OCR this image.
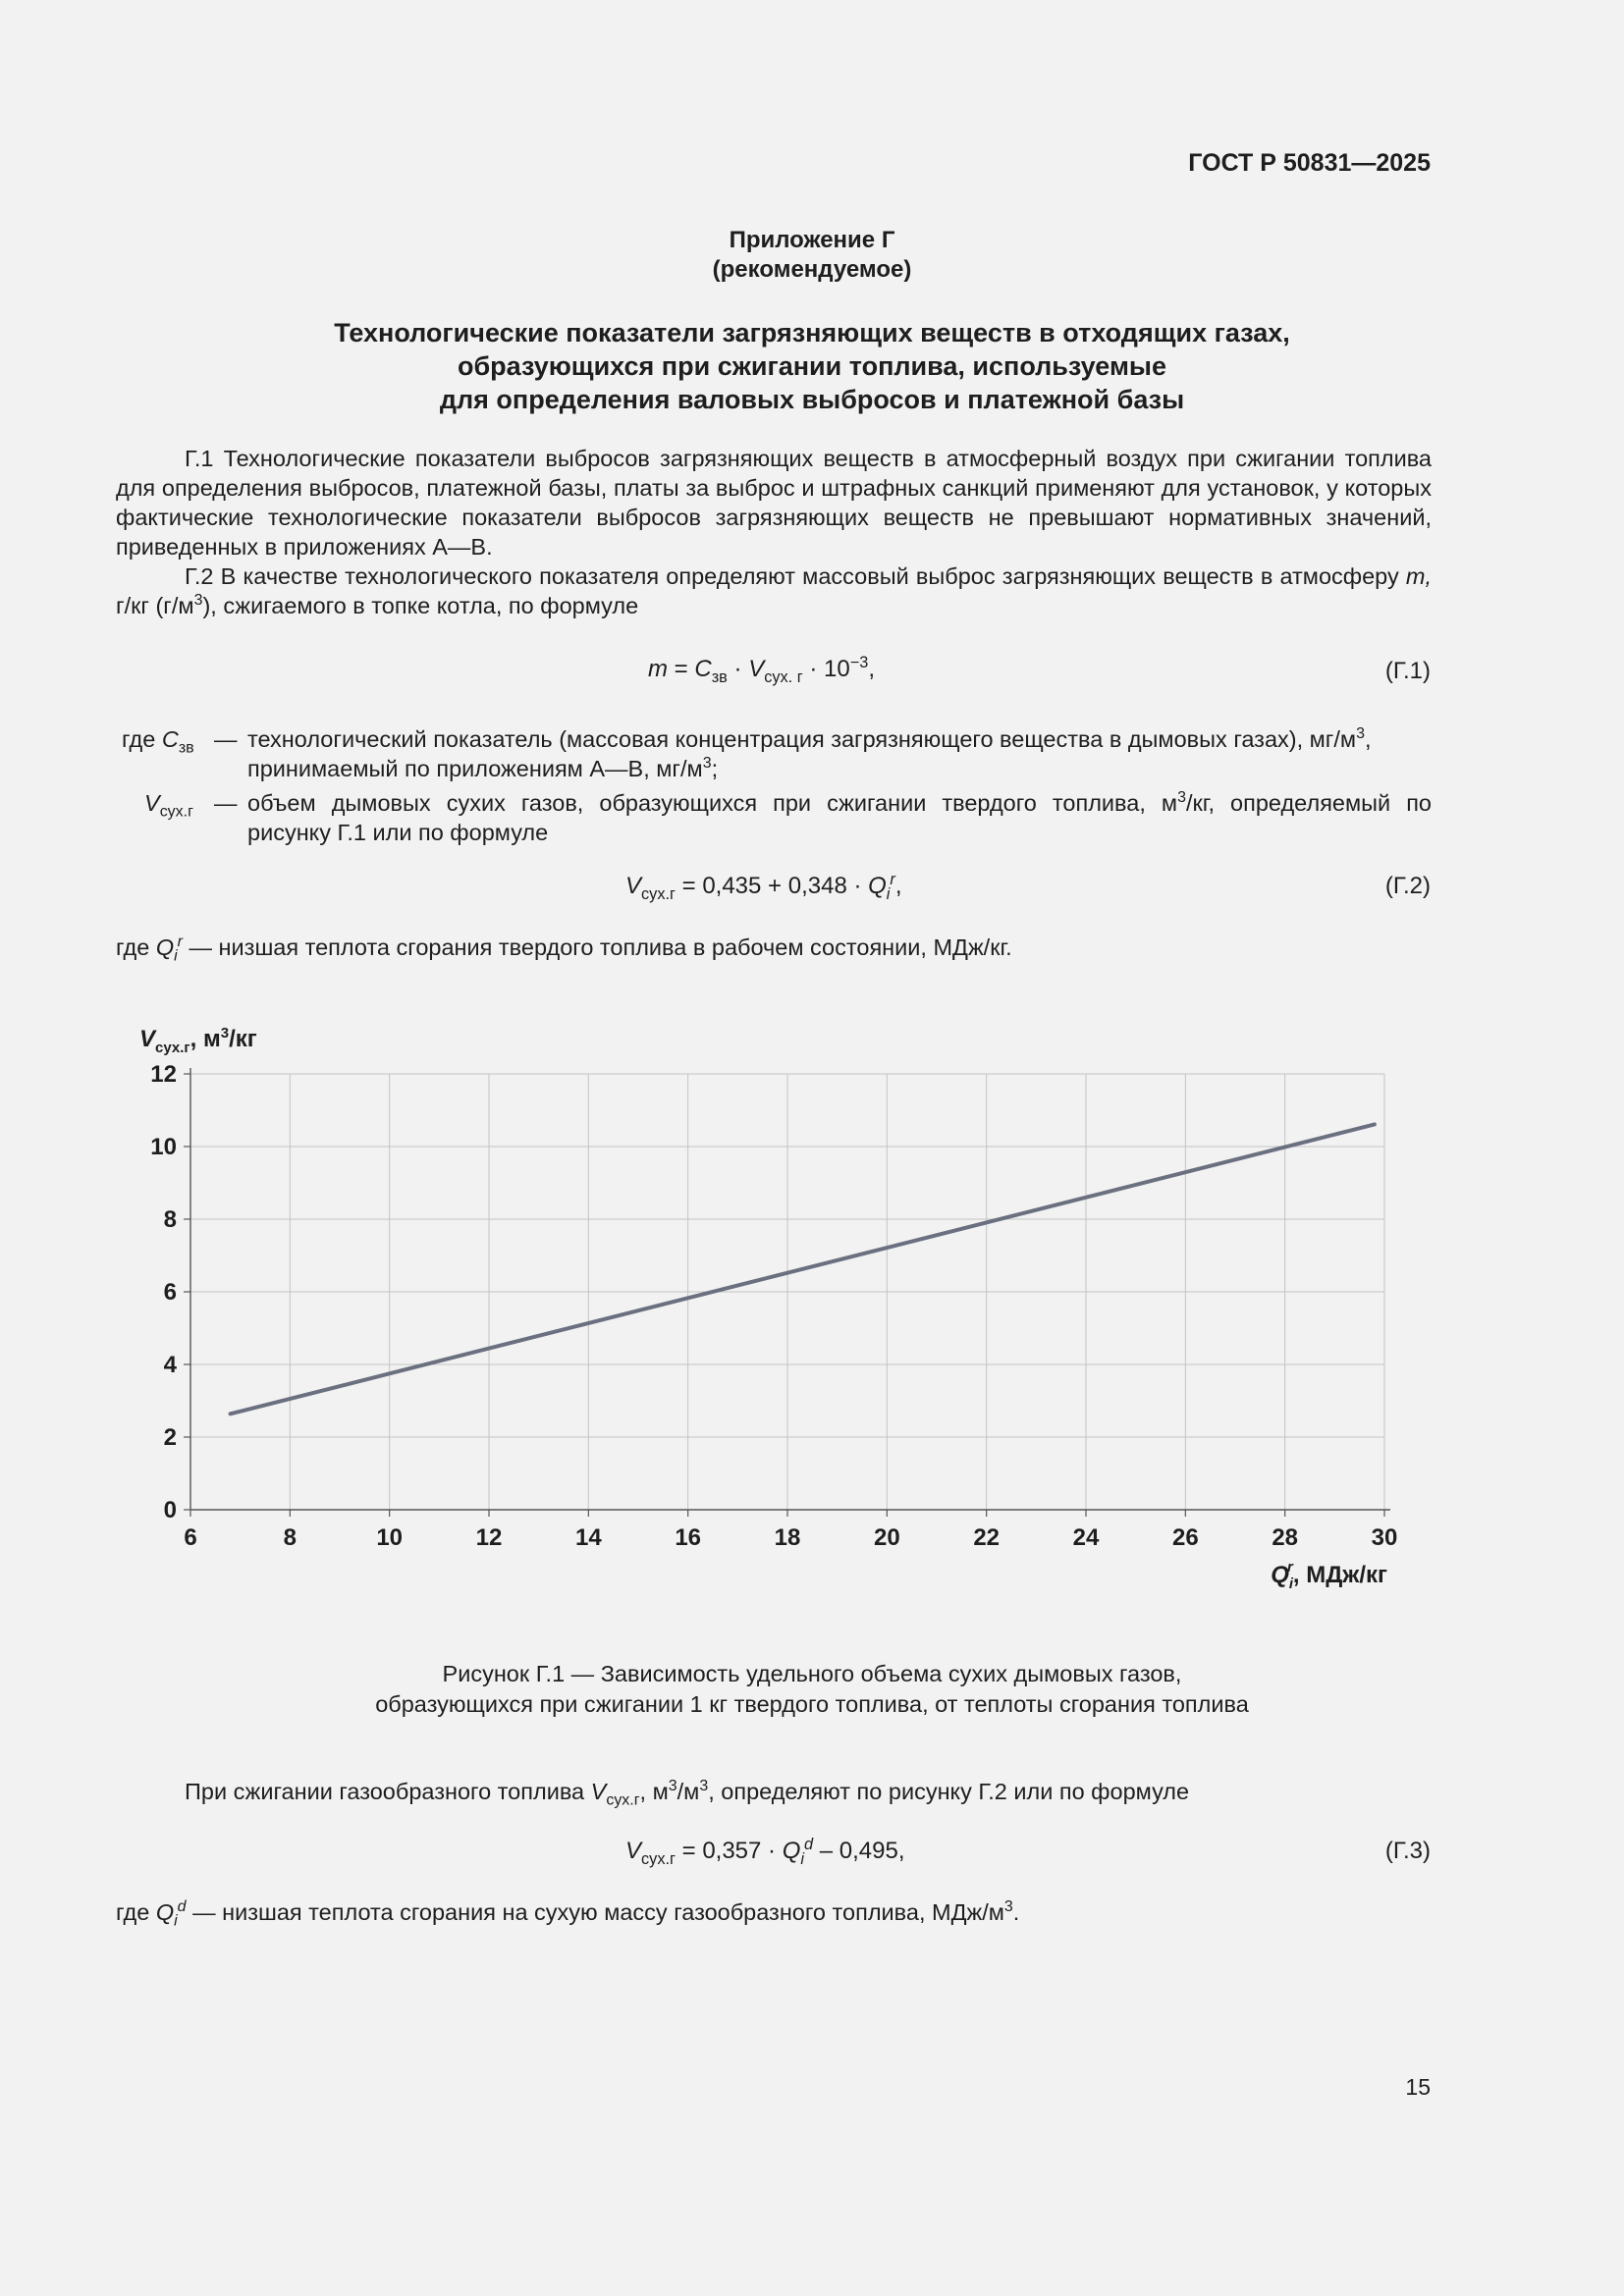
ГОСТ Р 50831—2025
Приложение Г
(рекомендуемое)
Технологические показатели загрязняющих веществ в отходящих газах,
образующихся при сжигании топлива, используемые
для определения валовых выбросов и платежной базы

Г.1 Технологические показатели выбросов загрязняющих веществ в атмосферный воздух при сжигании топлива для определения выбросов, платежной базы, платы за выброс и штрафных санкций применяют для установок, у которых фактические технологические показатели выбросов загрязняющих веществ не превышают нормативных значений, приведенных в приложениях А—В.

Г.2 В качестве технологического показателя определяют массовый выброс загрязняющих веществ в атмосферу m, г/кг $(г/м^3)$, сжигаемого в топке котла, по формуле

$m = C_{зв} \cdot V_{сух. г} \cdot 10^{-3}$,	(Г.1)
где $C_{зв}$ — технологический показатель (массовая концентрация загрязняющего вещества в дымовых газах), $мг/м^3$,
принимаемый по приложениям А—В, $мг/м^3$;
$V_{сух.г}$ — объем дымовых сухих газов, образующихся при сжигании твердого топлива, $м^3/кг$, определяемый по
рисунку Г.1 или по формуле
$V_{сух.г} = 0,435 + 0,348 \cdot Q_i^r$,	(Г.2)
где $Q_i^r$ — низшая теплота сгорания твердого топлива в рабочем состоянии, МДж/кг.
6	8	10	12	14	16	18	20	22	24	26	28	30
0
2
4
6
8
10
12
$V_{сух.г}$, $м^3/кг$
$Q_ir$, МДж/кг
Рисунок Г.1 — Зависимость удельного объема сухих дымовых газов,
образующихся при сжигании 1 кг твердого топлива, от теплоты сгорания топлива
При сжигании газообразного топлива $V_{сух.г}$, $м^3/м^3$, определяют по рисунку Г.2 или по формуле
$V_{сух.г} = 0,357 \cdot Q_i^d - 0,495$,	(Г.3)
где $Q_i^d$ — низшая теплота сгорания на сухую массу газообразного топлива, МДж/$м^3$.
15
